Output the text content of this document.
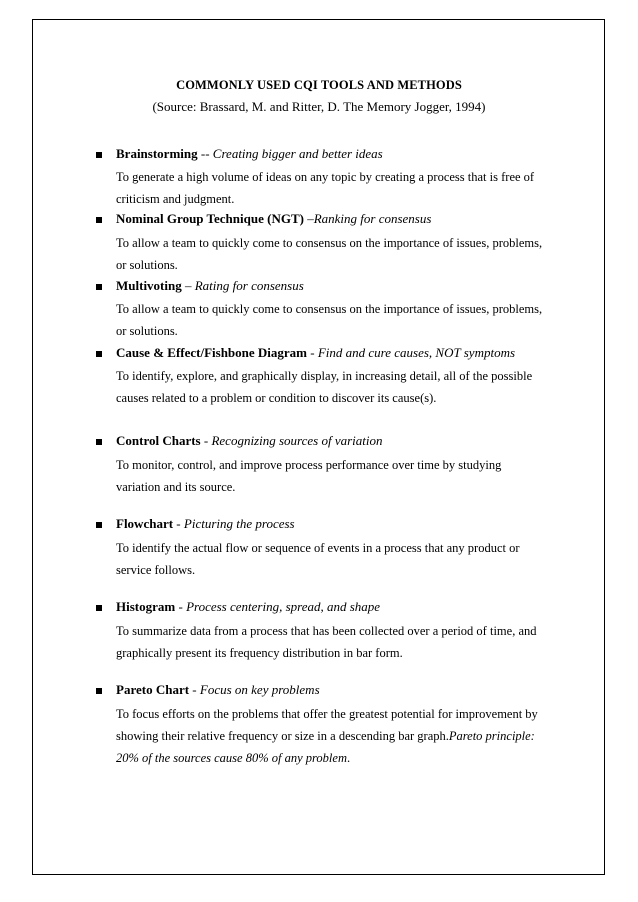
COMMONLY USED CQI TOOLS AND METHODS
(Source: Brassard, M. and Ritter, D. The Memory Jogger, 1994)
Brainstorming -- Creating bigger and better ideas
To generate a high volume of ideas on any topic by creating a process that is free of
criticism and judgment.
Nominal Group Technique (NGT) –Ranking for consensus
To allow a team to quickly come to consensus on the importance of issues, problems,
or solutions.
Multivoting – Rating for consensus
To allow a team to quickly come to consensus on the importance of issues, problems,
or solutions.
Cause & Effect/Fishbone Diagram - Find and cure causes, NOT symptoms
To identify, explore, and graphically display, in increasing detail, all of the possible
causes related to a problem or condition to discover its cause(s).
Control Charts - Recognizing sources of variation
To monitor, control, and improve process performance over time by studying
variation and its source.
Flowchart - Picturing the process
To identify the actual flow or sequence of events in a process that any product or
service follows.
Histogram - Process centering, spread, and shape
To summarize data from a process that has been collected over a period of time, and
graphically present its frequency distribution in bar form.
Pareto Chart - Focus on key problems
To focus efforts on the problems that offer the greatest potential for improvement by
showing their relative frequency or size in a descending bar graph.Pareto principle:
20% of the sources cause 80% of any problem.
